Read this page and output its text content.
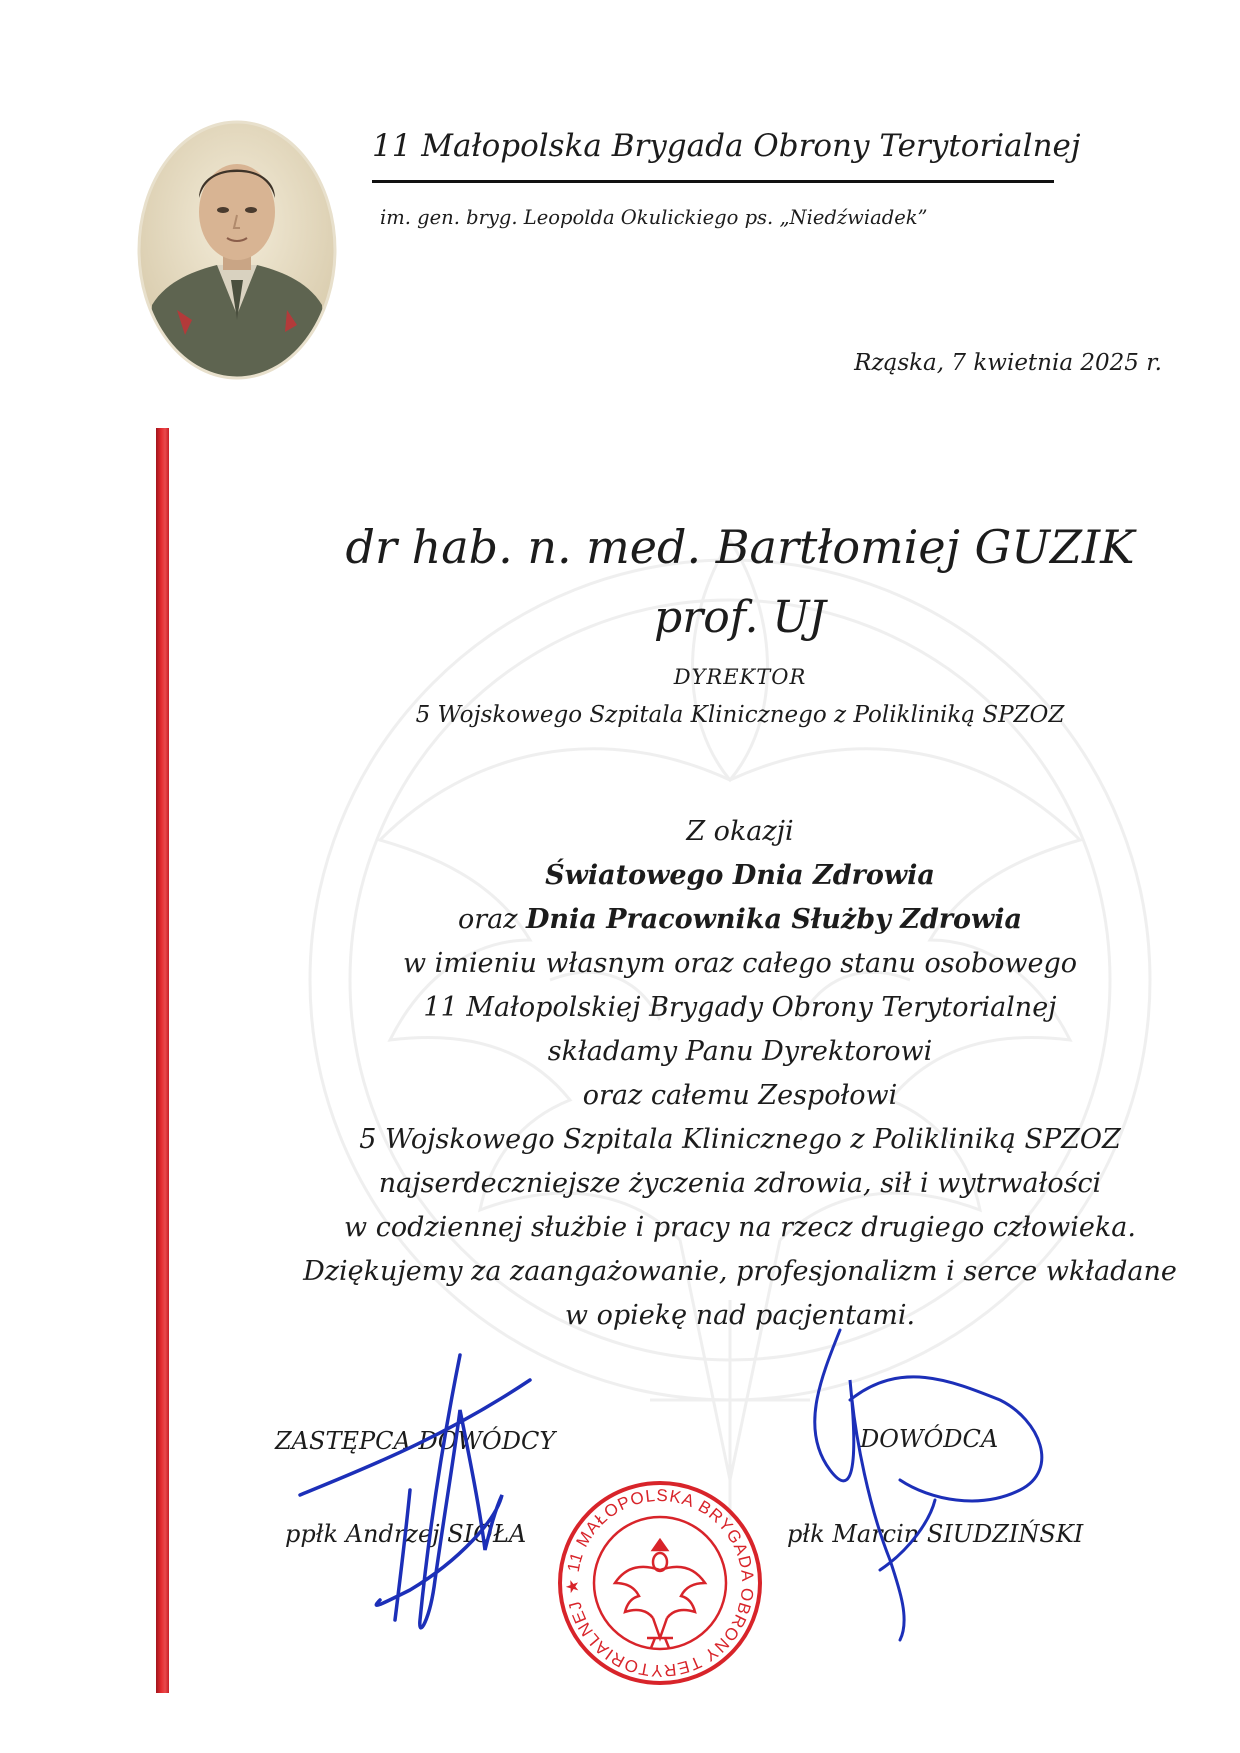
11 Małopolska Brygada Obrony Terytorialnej
im. gen. bryg. Leopolda Okulickiego ps. „Niedźwiadek”
Rząska, 7 kwietnia 2025 r.
dr hab. n. med. Bartłomiej GUZIK
prof. UJ
DYREKTOR
5 Wojskowego Szpitala Klinicznego z Polikliniką SPZOZ
Z okazji
Światowego Dnia Zdrowia
oraz Dnia Pracownika Służby Zdrowia
w imieniu własnym oraz całego stanu osobowego
11 Małopolskiej Brygady Obrony Terytorialnej
składamy Panu Dyrektorowi
oraz całemu Zespołowi
5 Wojskowego Szpitala Klinicznego z Polikliniką SPZOZ
najserdeczniejsze życzenia zdrowia, sił i wytrwałości
w codziennej służbie i pracy na rzecz drugiego człowieka.
Dziękujemy za zaangażowanie, profesjonalizm i serce wkładane
w opiekę nad pacjentami.
ZASTĘPCA DOWÓDCY
ppłk Andrzej SIOŁA
DOWÓDCA
płk Marcin SIUDZIŃSKI
11 MAŁOPOLSKA BRYGADA OBRONY TERYTORIALNEJ ★
